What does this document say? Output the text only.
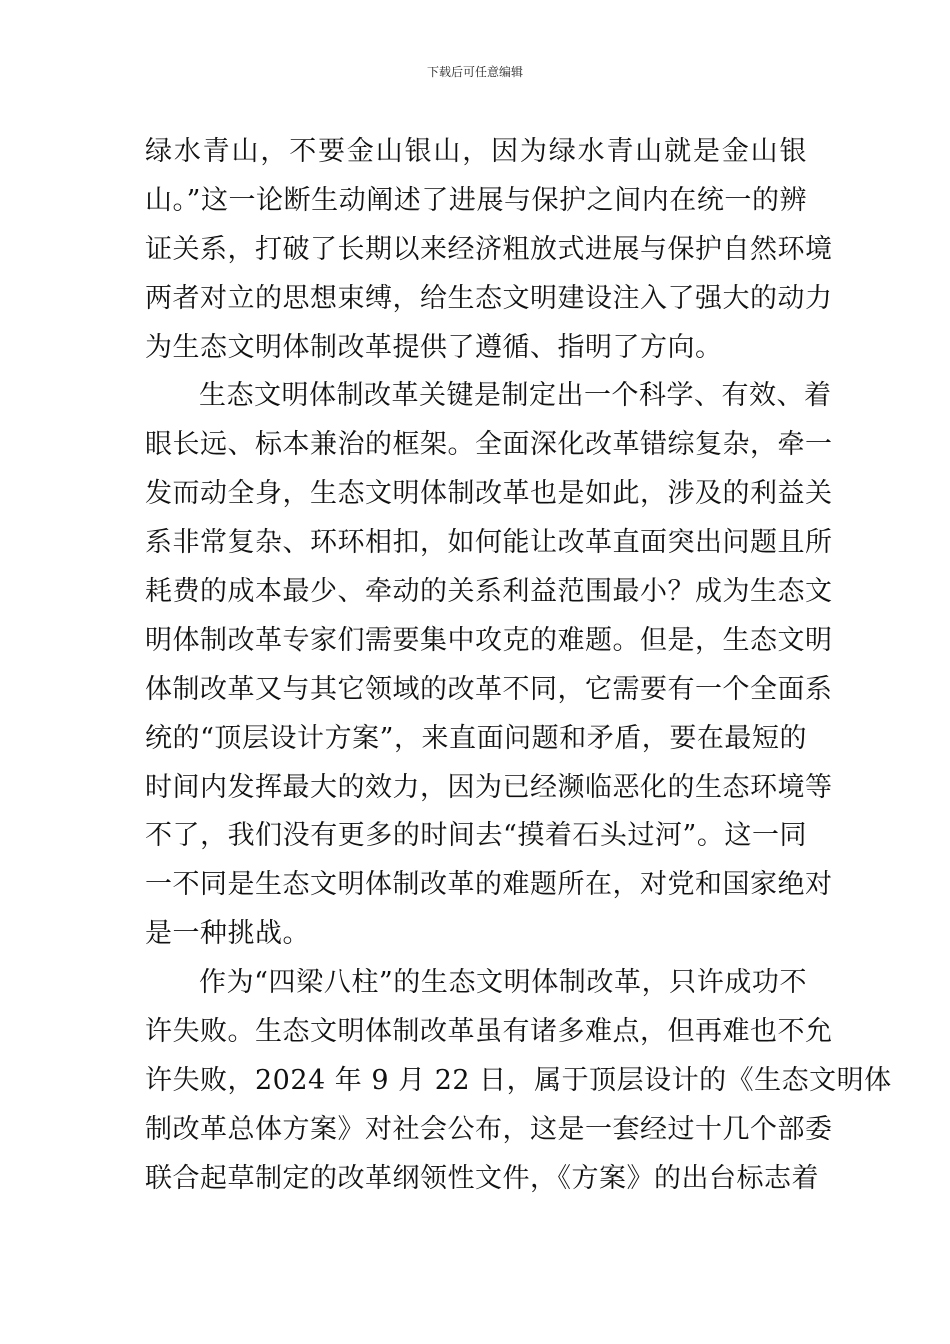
下载后可任意编辑
绿水青山，不要金山银山，因为绿水青山就是金山银
山。”这一论断生动阐述了进展与保护之间内在统一的辨
证关系，打破了长期以来经济粗放式进展与保护自然环境
两者对立的思想束缚，给生态文明建设注入了强大的动力
为生态文明体制改革提供了遵循、指明了方向。
生态文明体制改革关键是制定出一个科学、有效、着
眼长远、标本兼治的框架。全面深化改革错综复杂，牵一
发而动全身，生态文明体制改革也是如此，涉及的利益关
系非常复杂、环环相扣，如何能让改革直面突出问题且所
耗费的成本最少、牵动的关系利益范围最小？成为生态文
明体制改革专家们需要集中攻克的难题。但是，生态文明
体制改革又与其它领域的改革不同，它需要有一个全面系
统的“顶层设计方案”，来直面问题和矛盾，要在最短的
时间内发挥最大的效力，因为已经濒临恶化的生态环境等
不了，我们没有更多的时间去“摸着石头过河”。这一同
一不同是生态文明体制改革的难题所在，对党和国家绝对
是一种挑战。
作为“四梁八柱”的生态文明体制改革，只许成功不
许失败。生态文明体制改革虽有诸多难点，但再难也不允
许失败，2024 年 9 月 22 日，属于顶层设计的《生态文明体
制改革总体方案》对社会公布，这是一套经过十几个部委
联合起草制定的改革纲领性文件，《方案》的出台标志着
